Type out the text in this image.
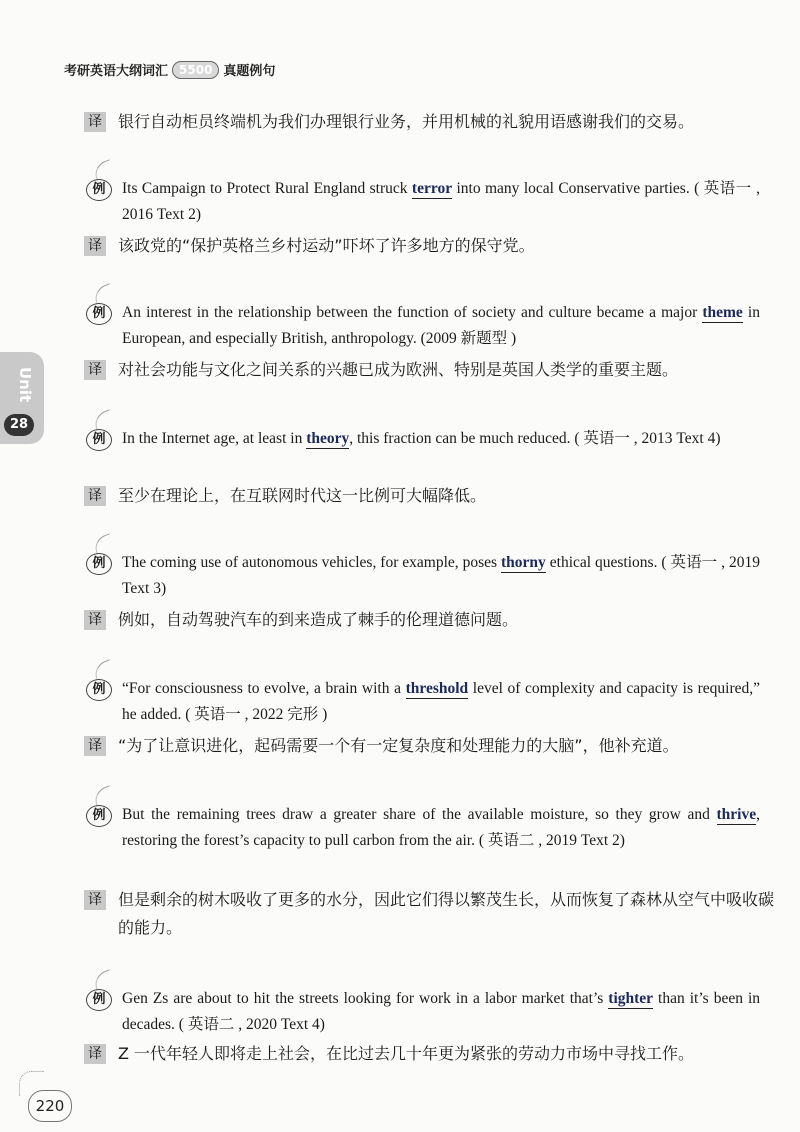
考研英语大纲词汇 5500 真题例句
Unit
28
译	银行自动柜员终端机为我们办理银行业务，并用机械的礼貌用语感谢我们的交易。
例	Its Campaign to Protect Rural England struck terror into many local Conservative parties. ( 英语一 , 2016 Text 2)
译	该政党的“保护英格兰乡村运动”吓坏了许多地方的保守党。
例	An interest in the relationship between the function of society and culture became a major theme in European, and especially British, anthropology. (2009 新题型 )
译	对社会功能与文化之间关系的兴趣已成为欧洲、特别是英国人类学的重要主题。
例	In the Internet age, at least in theory, this fraction can be much reduced. ( 英语一 , 2013 Text 4)
译	至少在理论上，在互联网时代这一比例可大幅降低。
例	The coming use of autonomous vehicles, for example, poses thorny ethical questions. ( 英语一 , 2019 Text 3)
译	例如，自动驾驶汽车的到来造成了棘手的伦理道德问题。
例	“For consciousness to evolve, a brain with a threshold level of complexity and capacity is required,” he added. ( 英语一 , 2022 完形 )
译	“为了让意识进化，起码需要一个有一定复杂度和处理能力的大脑”，他补充道。
例	But the remaining trees draw a greater share of the available moisture, so they grow and thrive, restoring the forest’s capacity to pull carbon from the air. ( 英语二 , 2019 Text 2)
译	但是剩余的树木吸收了更多的水分，因此它们得以繁茂生长，从而恢复了森林从空气中吸收碳的能力。
例	Gen Zs are about to hit the streets looking for work in a labor market that’s tighter than it’s been in decades. ( 英语二 , 2020 Text 4)
译	Z 一代年轻人即将走上社会，在比过去几十年更为紧张的劳动力市场中寻找工作。
220
